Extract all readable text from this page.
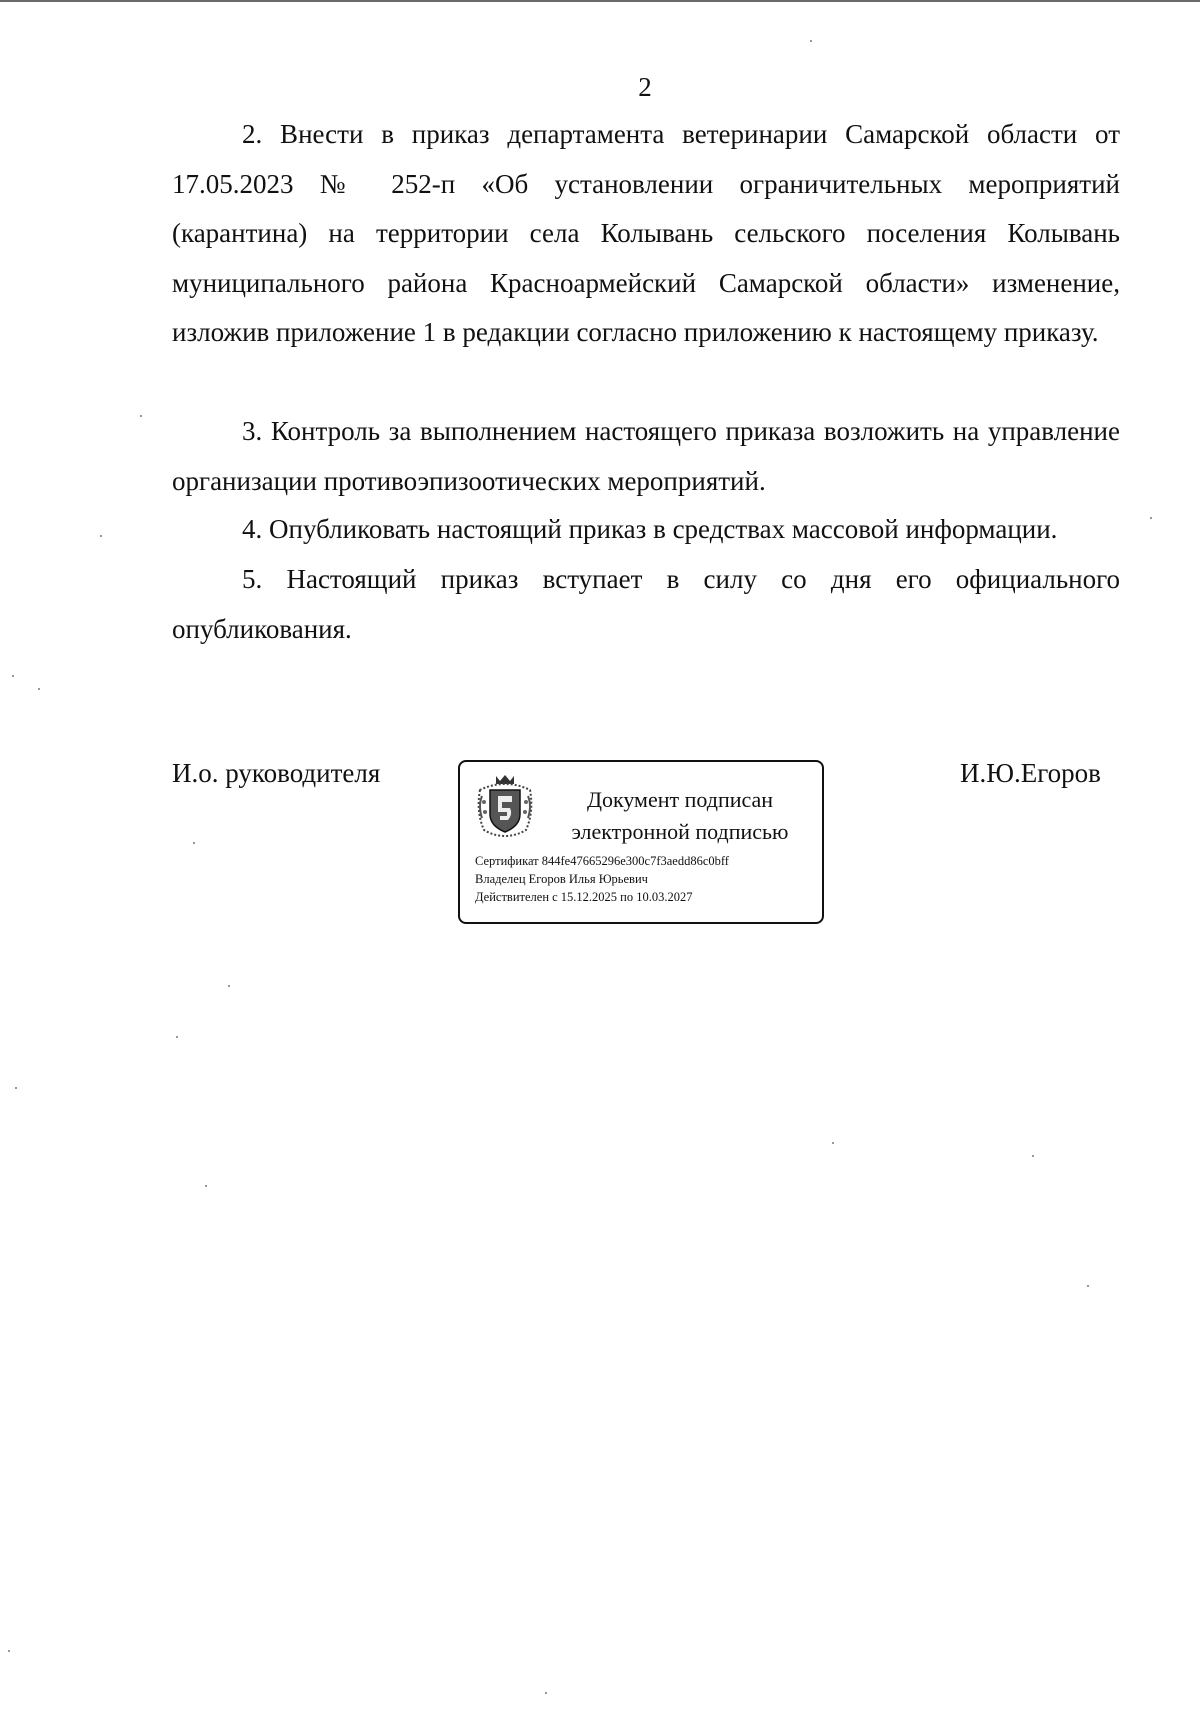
2

2. Внести в приказ департамента ветеринарии Самарской области от 17.05.2023 № 252-п «Об установлении ограничительных мероприятий (карантина) на территории села Колывань сельского поселения Колывань муниципального района Красноармейский Самарской области» изменение, изложив приложение 1 в редакции согласно приложению к настоящему приказу.

3. Контроль за выполнением настоящего приказа возложить на управление организации противоэпизоотических мероприятий.

4. Опубликовать настоящий приказ в средствах массовой информации.

5. Настоящий приказ вступает в силу со дня его официального опубликования.

И.о. руководителя
Документ подписан
электронной подписью
Сертификат 844fe47665296e300c7f3aedd86c0bff
Владелец Егоров Илья Юрьевич
Действителен с 15.12.2025 по 10.03.2027
И.Ю.Егоров
